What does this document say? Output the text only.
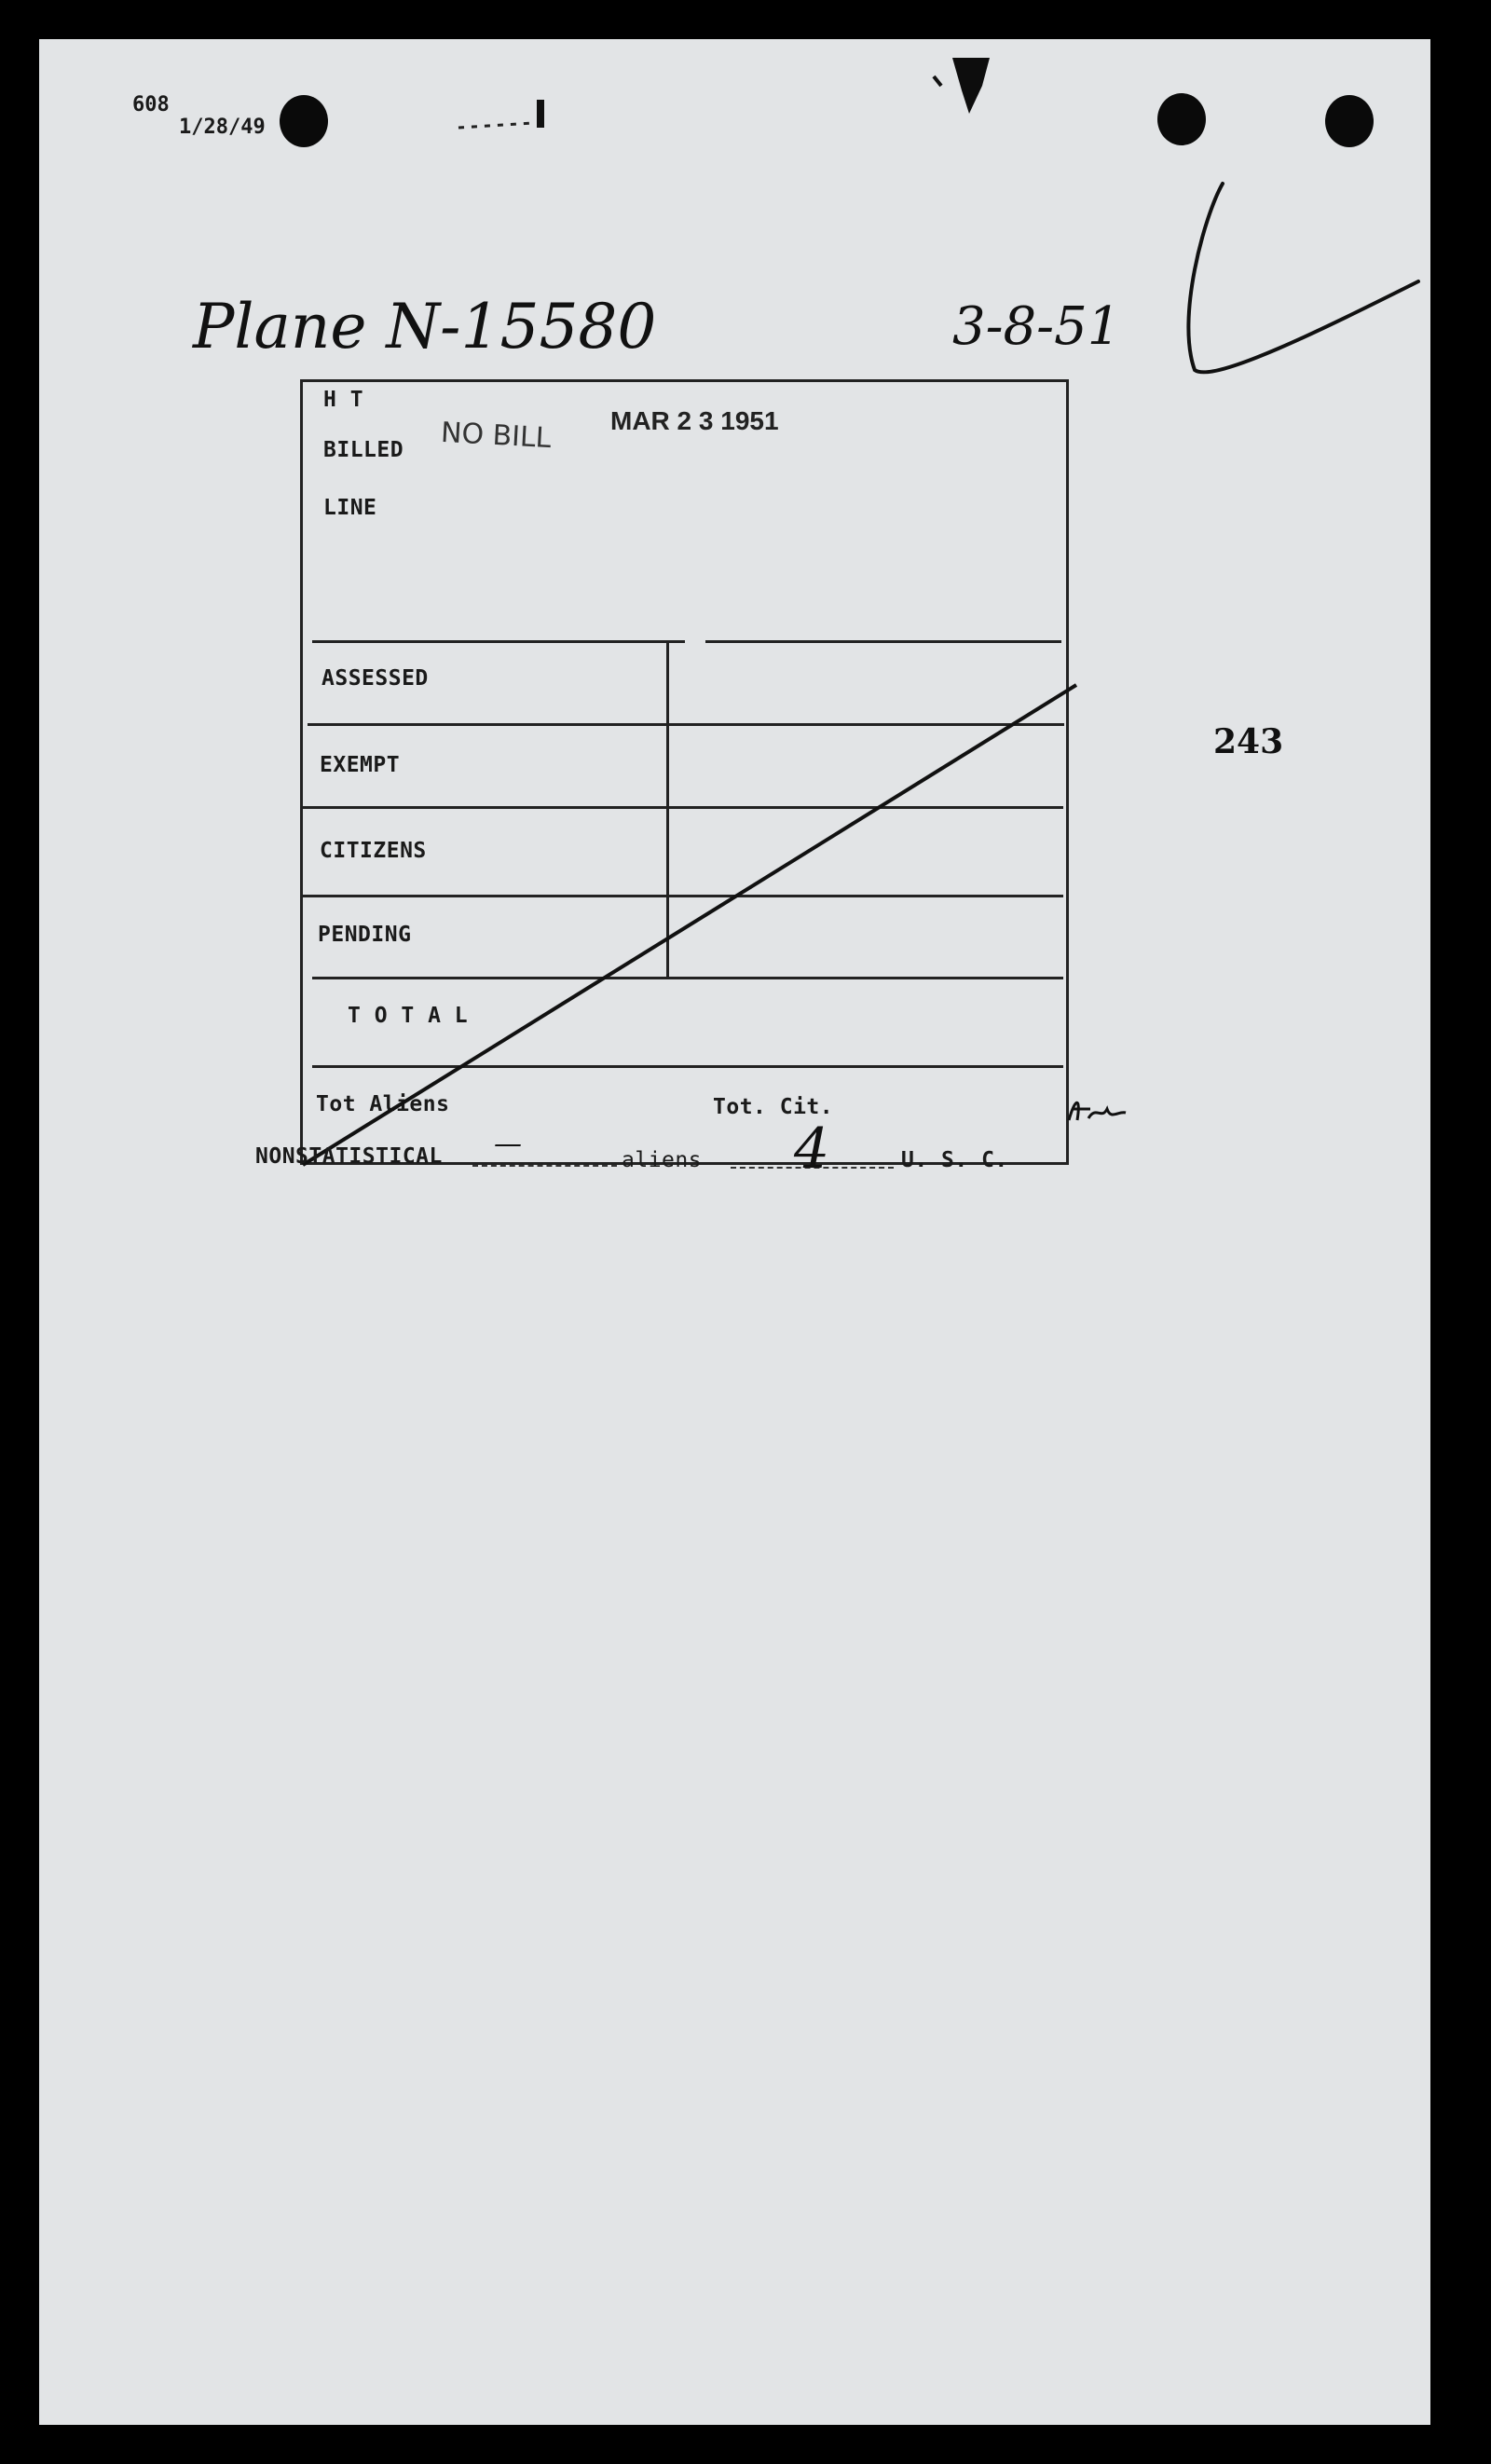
608
1/28/49
Plane N-15580	3-8-51
H T
BILLED
LINE
NO BILL MAR 2 3 1951
ASSESSED
EXEMPT
CITIZENS
PENDING
T O T A L
Tot Aliens	Tot. Cit.
NONSTATISTICAL —	aliens 4	U. S. C.
243
